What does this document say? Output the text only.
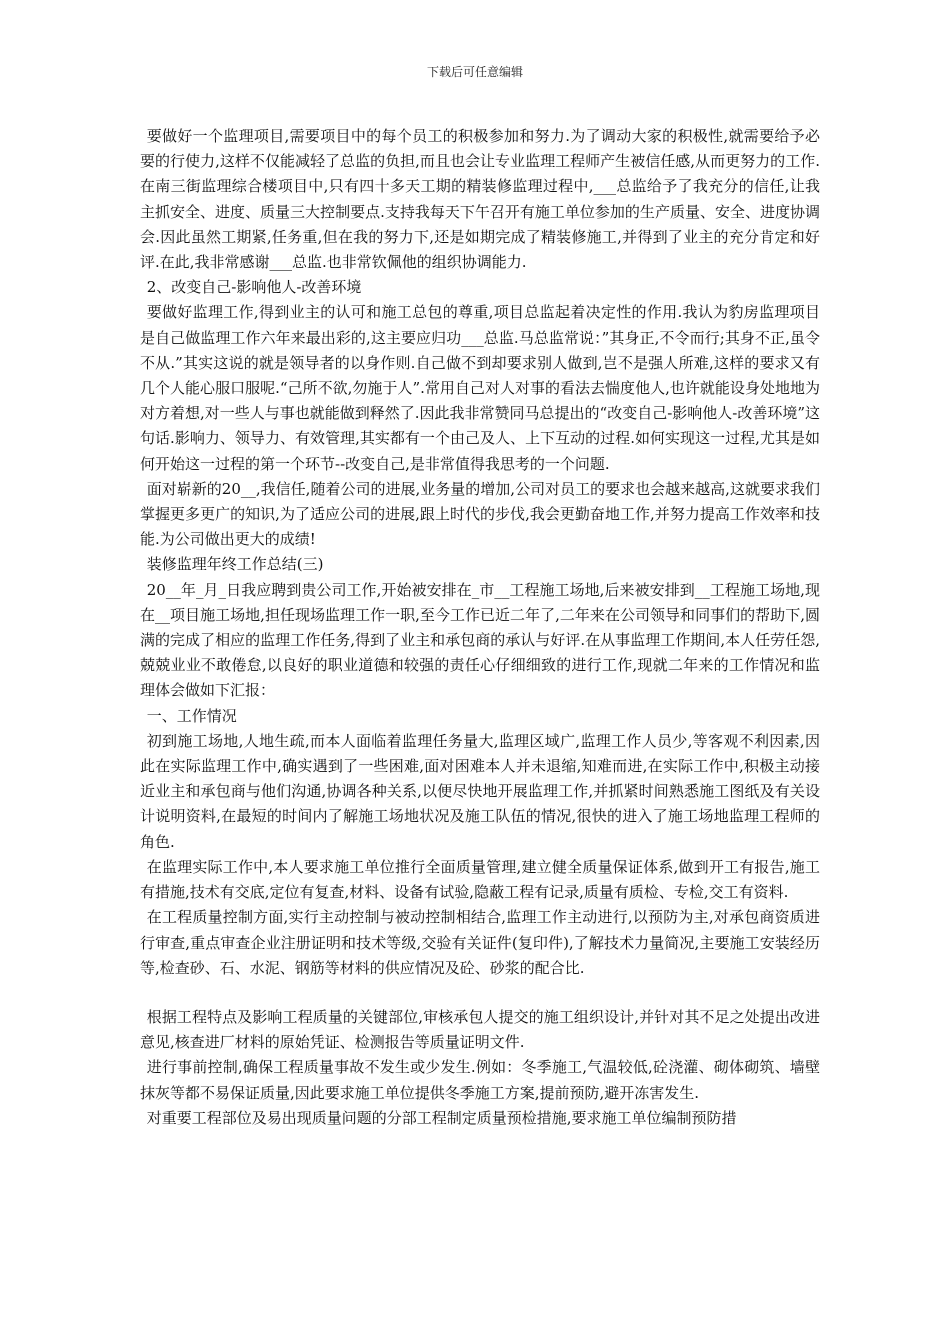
下载后可任意编辑

要做好一个监理项目,需要项目中的每个员工的积极参加和努力.为了调动大家的积极性,就需要给予必要的行使力,这样不仅能减轻了总监的负担,而且也会让专业监理工程师产生被信任感,从而更努力的工作.在南三街监理综合楼项目中,只有四十多天工期的精装修监理过程中,___总监给予了我充分的信任,让我主抓安全、进度、质量三大控制要点.支持我每天下午召开有施工单位参加的生产质量、安全、进度协调会.因此虽然工期紧,任务重,但在我的努力下,还是如期完成了精装修施工,并得到了业主的充分肯定和好评.在此,我非常感谢___总监.也非常钦佩他的组织协调能力.

2、改变自己-影响他人-改善环境

要做好监理工作,得到业主的认可和施工总包的尊重,项目总监起着决定性的作用.我认为豹房监理项目是自己做监理工作六年来最出彩的,这主要应归功___总监.马总监常说：”其身正,不令而行;其身不正,虽令不从.”其实这说的就是领导者的以身作则.自己做不到却要求别人做到,岂不是强人所难,这样的要求又有几个人能心服口服呢.“己所不欲,勿施于人”.常用自己对人对事的看法去惴度他人,也许就能设身处地地为对方着想,对一些人与事也就能做到释然了.因此我非常赞同马总提出的“改变自己-影响他人-改善环境”这句话.影响力、领导力、有效管理,其实都有一个由己及人、上下互动的过程.如何实现这一过程,尤其是如何开始这一过程的第一个环节--改变自己,是非常值得我思考的一个问题.

面对崭新的20__,我信任,随着公司的进展,业务量的增加,公司对员工的要求也会越来越高,这就要求我们掌握更多更广的知识,为了适应公司的进展,跟上时代的步伐,我会更勤奋地工作,并努力提高工作效率和技能.为公司做出更大的成绩!

装修监理年终工作总结(三)

20__年_月_日我应聘到贵公司工作,开始被安排在_市__工程施工场地,后来被安排到__工程施工场地,现在__项目施工场地,担任现场监理工作一职,至今工作已近二年了,二年来在公司领导和同事们的帮助下,圆满的完成了相应的监理工作任务,得到了业主和承包商的承认与好评.在从事监理工作期间,本人任劳任怨,兢兢业业不敢倦怠,以良好的职业道德和较强的责任心仔细细致的进行工作,现就二年来的工作情况和监理体会做如下汇报：

一、工作情况

初到施工场地,人地生疏,而本人面临着监理任务量大,监理区域广,监理工作人员少,等客观不利因素,因此在实际监理工作中,确实遇到了一些困难,面对困难本人并未退缩,知难而进,在实际工作中,积极主动接近业主和承包商与他们沟通,协调各种关系,以便尽快地开展监理工作,并抓紧时间熟悉施工图纸及有关设计说明资料,在最短的时间内了解施工场地状况及施工队伍的情况,很快的进入了施工场地监理工程师的角色.

在监理实际工作中,本人要求施工单位推行全面质量管理,建立健全质量保证体系,做到开工有报告,施工有措施,技术有交底,定位有复查,材料、设备有试验,隐蔽工程有记录,质量有质检、专检,交工有资料.

在工程质量控制方面,实行主动控制与被动控制相结合,监理工作主动进行,以预防为主,对承包商资质进行审查,重点审查企业注册证明和技术等级,交验有关证件(复印件),了解技术力量简况,主要施工安装经历等,检查砂、石、水泥、钢筋等材料的供应情况及砼、砂浆的配合比.

根据工程特点及影响工程质量的关键部位,审核承包人提交的施工组织设计,并针对其不足之处提出改进意见,核查进厂材料的原始凭证、检测报告等质量证明文件.

进行事前控制,确保工程质量事故不发生或少发生.例如：冬季施工,气温较低,砼浇灌、砌体砌筑、墙壁抹灰等都不易保证质量,因此要求施工单位提供冬季施工方案,提前预防,避开冻害发生.

对重要工程部位及易出现质量问题的分部工程制定质量预检措施,要求施工单位编制预防措
